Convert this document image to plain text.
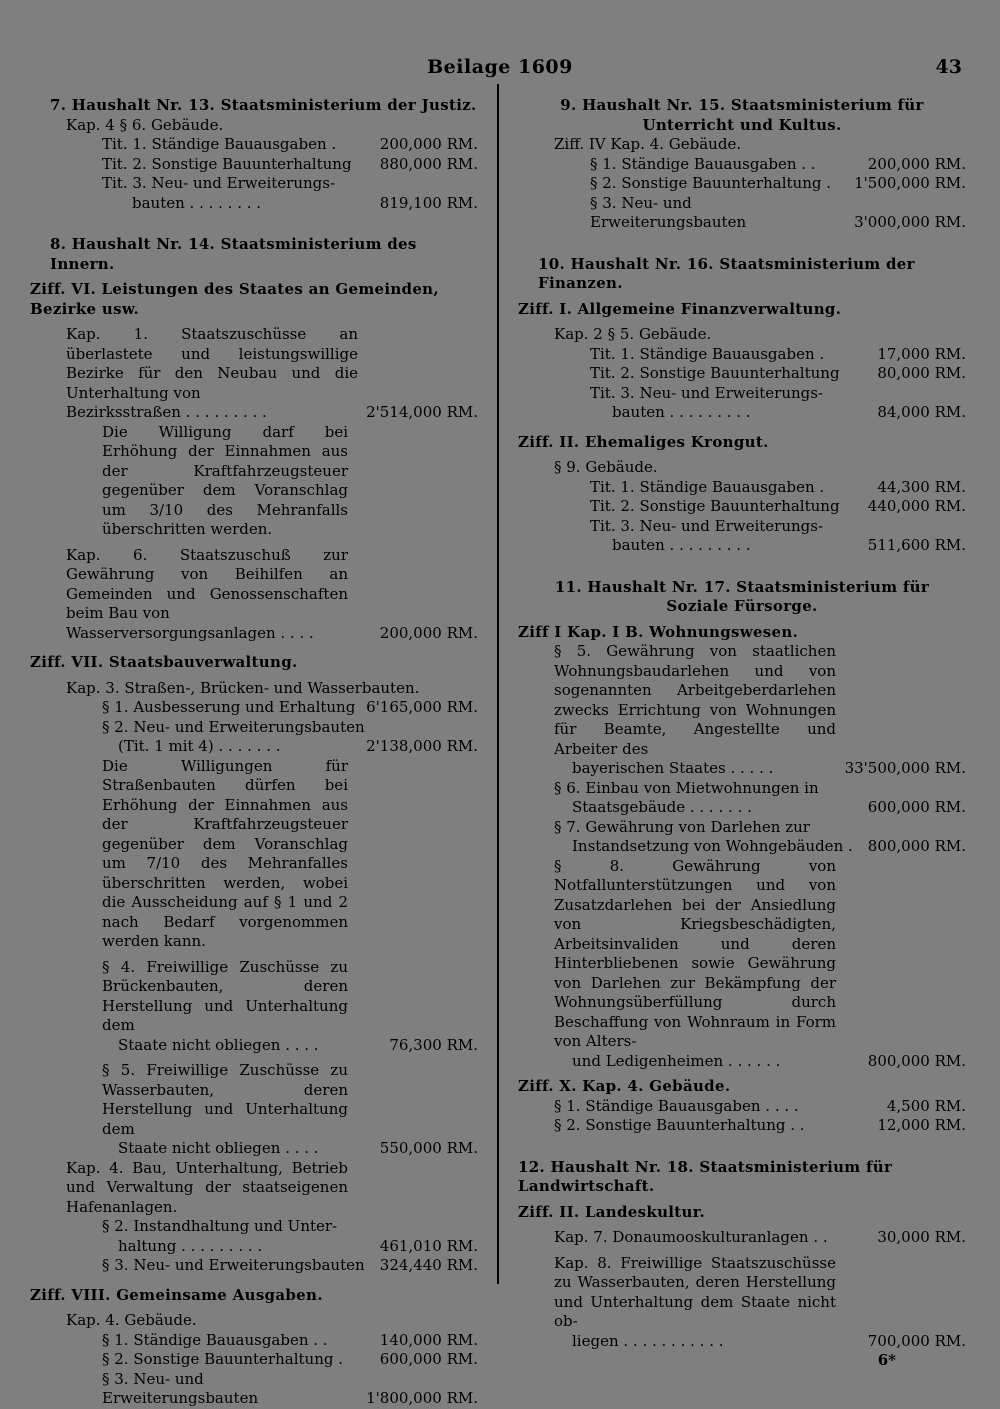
Beilage 1609	43
7. Haushalt Nr. 13. Staatsministerium der Justiz.
Kap. 4 § 6. Gebäude.
Tit. 1. Ständige Bauausgaben .	200,000 RM.
Tit. 2. Sonstige Bauunterhaltung	880,000 RM.
Tit. 3. Neu- und Erweiterungs-
bauten . . . . . . . .	819,100 RM.
8. Haushalt Nr. 14. Staatsministerium des Innern.
Ziff. VI. Leistungen des Staates an Gemeinden, Bezirke usw.
Kap. 1. Staatszuschüsse an überlastete und leistungswillige Bezirke für den Neubau und die Unterhaltung von
Bezirksstraßen . . . . . . . . .	2'514,000 RM.
Die Willigung darf bei Erhöhung der Einnahmen aus der Kraftfahrzeugsteuer gegenüber dem Voranschlag um 3/10 des Mehranfalls überschritten werden.
Kap. 6. Staatszuschuß zur Gewährung von Beihilfen an Gemeinden und Genossenschaften beim Bau von
Wasserversorgungsanlagen . . . .	200,000 RM.
Ziff. VII. Staatsbauverwaltung.
Kap. 3. Straßen-, Brücken- und Wasserbauten.
§ 1. Ausbesserung und Erhaltung 6'165,000 RM.
§ 2. Neu- und Erweiterungsbauten
(Tit. 1 mit 4) . . . . . . .	2'138,000 RM.
Die Willigungen für Straßenbauten dürfen bei Erhöhung der Einnahmen aus der Kraftfahrzeugsteuer gegenüber dem Voranschlag um 7/10 des Mehranfalles überschritten werden, wobei die Ausscheidung auf § 1 und 2 nach Bedarf vorgenommen werden kann.
§ 4. Freiwillige Zuschüsse zu Brückenbauten, deren Herstellung und Unterhaltung dem
Staate nicht obliegen . . . .	76,300 RM.
§ 5. Freiwillige Zuschüsse zu Wasserbauten, deren Herstellung und Unterhaltung dem
Staate nicht obliegen . . . .	550,000 RM.
Kap. 4. Bau, Unterhaltung, Betrieb und Verwaltung der staatseigenen Hafenanlagen.
§ 2. Instandhaltung und Unter-
haltung . . . . . . . . .	461,010 RM.
§ 3. Neu- und Erweiterungsbauten	324,440 RM.
Ziff. VIII. Gemeinsame Ausgaben.
Kap. 4. Gebäude.
§ 1. Ständige Bauausgaben . .	140,000 RM.
§ 2. Sonstige Bauunterhaltung .	600,000 RM.
§ 3. Neu- und Erweiterungsbauten	1'800,000 RM.
9. Haushalt Nr. 15. Staatsministerium für Unterricht und Kultus.
Ziff. IV Kap. 4. Gebäude.
§ 1. Ständige Bauausgaben . .	200,000 RM.
§ 2. Sonstige Bauunterhaltung .	1'500,000 RM.
§ 3. Neu- und Erweiterungsbauten	3'000,000 RM.
10. Haushalt Nr. 16. Staatsministerium der Finanzen.
Ziff. I. Allgemeine Finanzverwaltung.
Kap. 2 § 5. Gebäude.
Tit. 1. Ständige Bauausgaben .	17,000 RM.
Tit. 2. Sonstige Bauunterhaltung	80,000 RM.
Tit. 3. Neu- und Erweiterungs-
bauten . . . . . . . . .	84,000 RM.
Ziff. II. Ehemaliges Krongut.
§ 9. Gebäude.
Tit. 1. Ständige Bauausgaben .	44,300 RM.
Tit. 2. Sonstige Bauunterhaltung	440,000 RM.
Tit. 3. Neu- und Erweiterungs-
bauten . . . . . . . . .	511,600 RM.
11. Haushalt Nr. 17. Staatsministerium für Soziale Fürsorge.
Ziff I Kap. I B. Wohnungswesen.
§ 5. Gewährung von staatlichen Wohnungsbaudarlehen und von sogenannten Arbeitgeberdarlehen zwecks Errichtung von Wohnungen für Beamte, Angestellte und Arbeiter des
bayerischen Staates . . . . .	33'500,000 RM.
§ 6. Einbau von Mietwohnungen in
Staatsgebäude . . . . . . .	600,000 RM.
§ 7. Gewährung von Darlehen zur
Instandsetzung von Wohngebäuden .	800,000 RM.
§ 8. Gewährung von Notfallunterstützungen und von Zusatzdarlehen bei der Ansiedlung von Kriegsbeschädigten, Arbeitsinvaliden und deren Hinterbliebenen sowie Gewährung von Darlehen zur Bekämpfung der Wohnungsüberfüllung durch Beschaffung von Wohnraum in Form von Alters-
und Ledigenheimen . . . . . .	800,000 RM.
Ziff. X. Kap. 4. Gebäude.
§ 1. Ständige Bauausgaben . . . .	4,500 RM.
§ 2. Sonstige Bauunterhaltung . .	12,000 RM.
12. Haushalt Nr. 18. Staatsministerium für Landwirtschaft.
Ziff. II. Landeskultur.
Kap. 7. Donaumooskulturanlagen . .	30,000 RM.
Kap. 8. Freiwillige Staatszuschüsse zu Wasserbauten, deren Herstellung und Unterhaltung dem Staate nicht ob-
liegen . . . . . . . . . . .	700,000 RM.
6*
